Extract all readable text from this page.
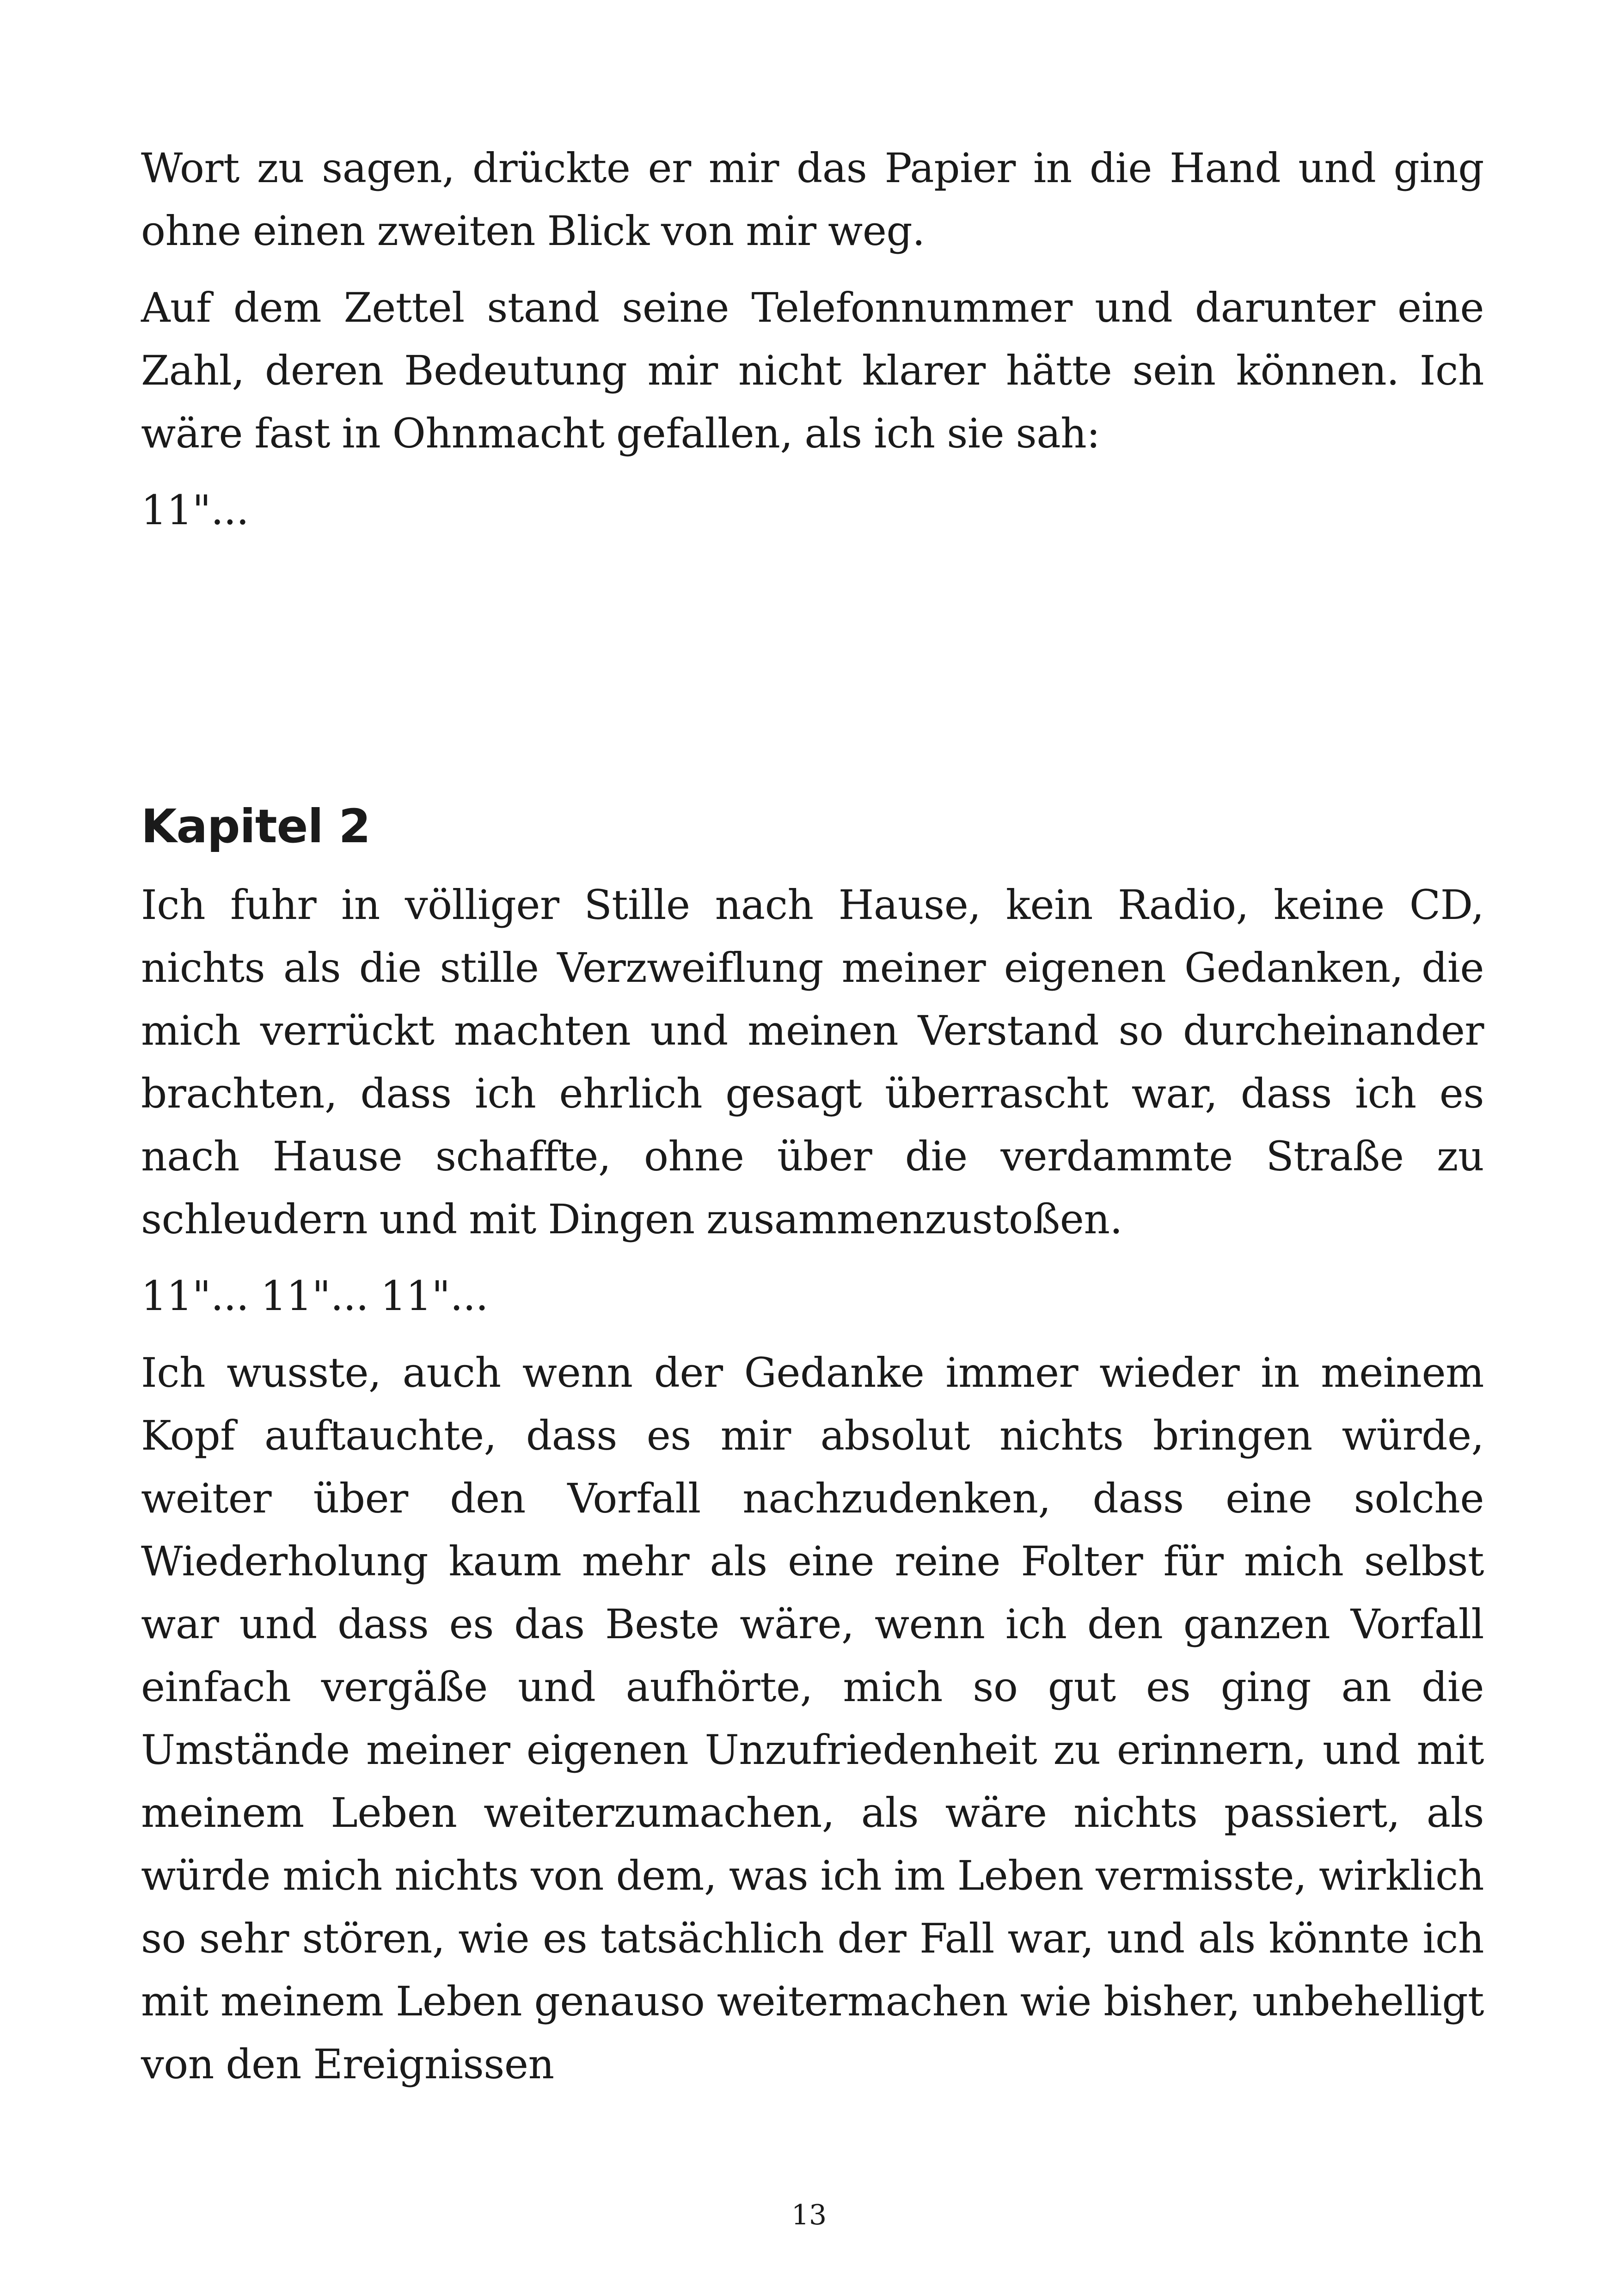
Wort zu sagen, drückte er mir das Papier in die Hand und ging ohne einen zweiten Blick von mir weg.

Auf dem Zettel stand seine Telefonnummer und darunter eine Zahl, deren Bedeutung mir nicht klarer hätte sein können. Ich wäre fast in Ohnmacht gefallen, als ich sie sah:

11"...

Kapitel 2

Ich fuhr in völliger Stille nach Hause, kein Radio, keine CD, nichts als die stille Verzweiflung meiner eigenen Gedanken, die mich verrückt machten und meinen Verstand so durcheinander brachten, dass ich ehrlich gesagt überrascht war, dass ich es nach Hause schaffte, ohne über die verdammte Straße zu schleudern und mit Dingen zusammenzustoßen.

11"... 11"... 11"...

Ich wusste, auch wenn der Gedanke immer wieder in meinem Kopf auftauchte, dass es mir absolut nichts bringen würde, weiter über den Vorfall nachzudenken, dass eine solche Wiederholung kaum mehr als eine reine Folter für mich selbst war und dass es das Beste wäre, wenn ich den ganzen Vorfall einfach vergäße und aufhörte, mich so gut es ging an die Umstände meiner eigenen Unzufriedenheit zu erinnern, und mit meinem Leben weiterzumachen, als wäre nichts passiert, als würde mich nichts von dem, was ich im Leben vermisste, wirklich so sehr stören, wie es tatsächlich der Fall war, und als könnte ich mit meinem Leben genauso weitermachen wie bisher, unbehelligt von den Ereignissen

13
